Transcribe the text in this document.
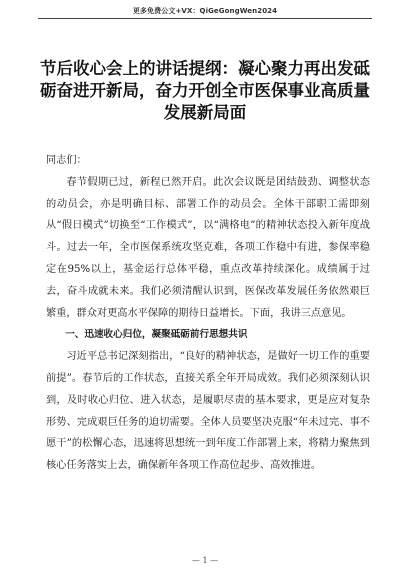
更多免费公文+VX：QiGeGongWen2024
节后收心会上的讲话提纲：凝心聚力再出发砥砺奋进开新局，奋力开创全市医保事业高质量发展新局面

同志们：

春节假期已过，新程已然开启。此次会议既是团结鼓劲、调整状态的动员会，亦是明确目标、部署工作的动员会。全体干部职工需即刻从“假日模式”切换至“工作模式”，以“满格电”的精神状态投入新年度战斗。过去一年，全市医保系统攻坚克难，各项工作稳中有进，参保率稳定在95%以上，基金运行总体平稳，重点改革持续深化。成绩属于过去，奋斗成就未来。我们必须清醒认识到，医保改革发展任务依然艰巨繁重，群众对更高水平保障的期待日益增长。下面，我讲三点意见。

一、迅速收心归位，凝聚砥砺前行思想共识

习近平总书记深刻指出，“良好的精神状态，是做好一切工作的重要前提”。春节后的工作状态，直接关系全年开局成效。我们必须深刻认识到，及时收心归位、进入状态，是履职尽责的基本要求，更是应对复杂形势、完成艰巨任务的迫切需要。全体人员要坚决克服“年未过完、事不愿干”的松懈心态，迅速将思想统一到年度工作部署上来，将精力聚焦到核心任务落实上去，确保新年各项工作高位起步、高效推进。

— 1 —
